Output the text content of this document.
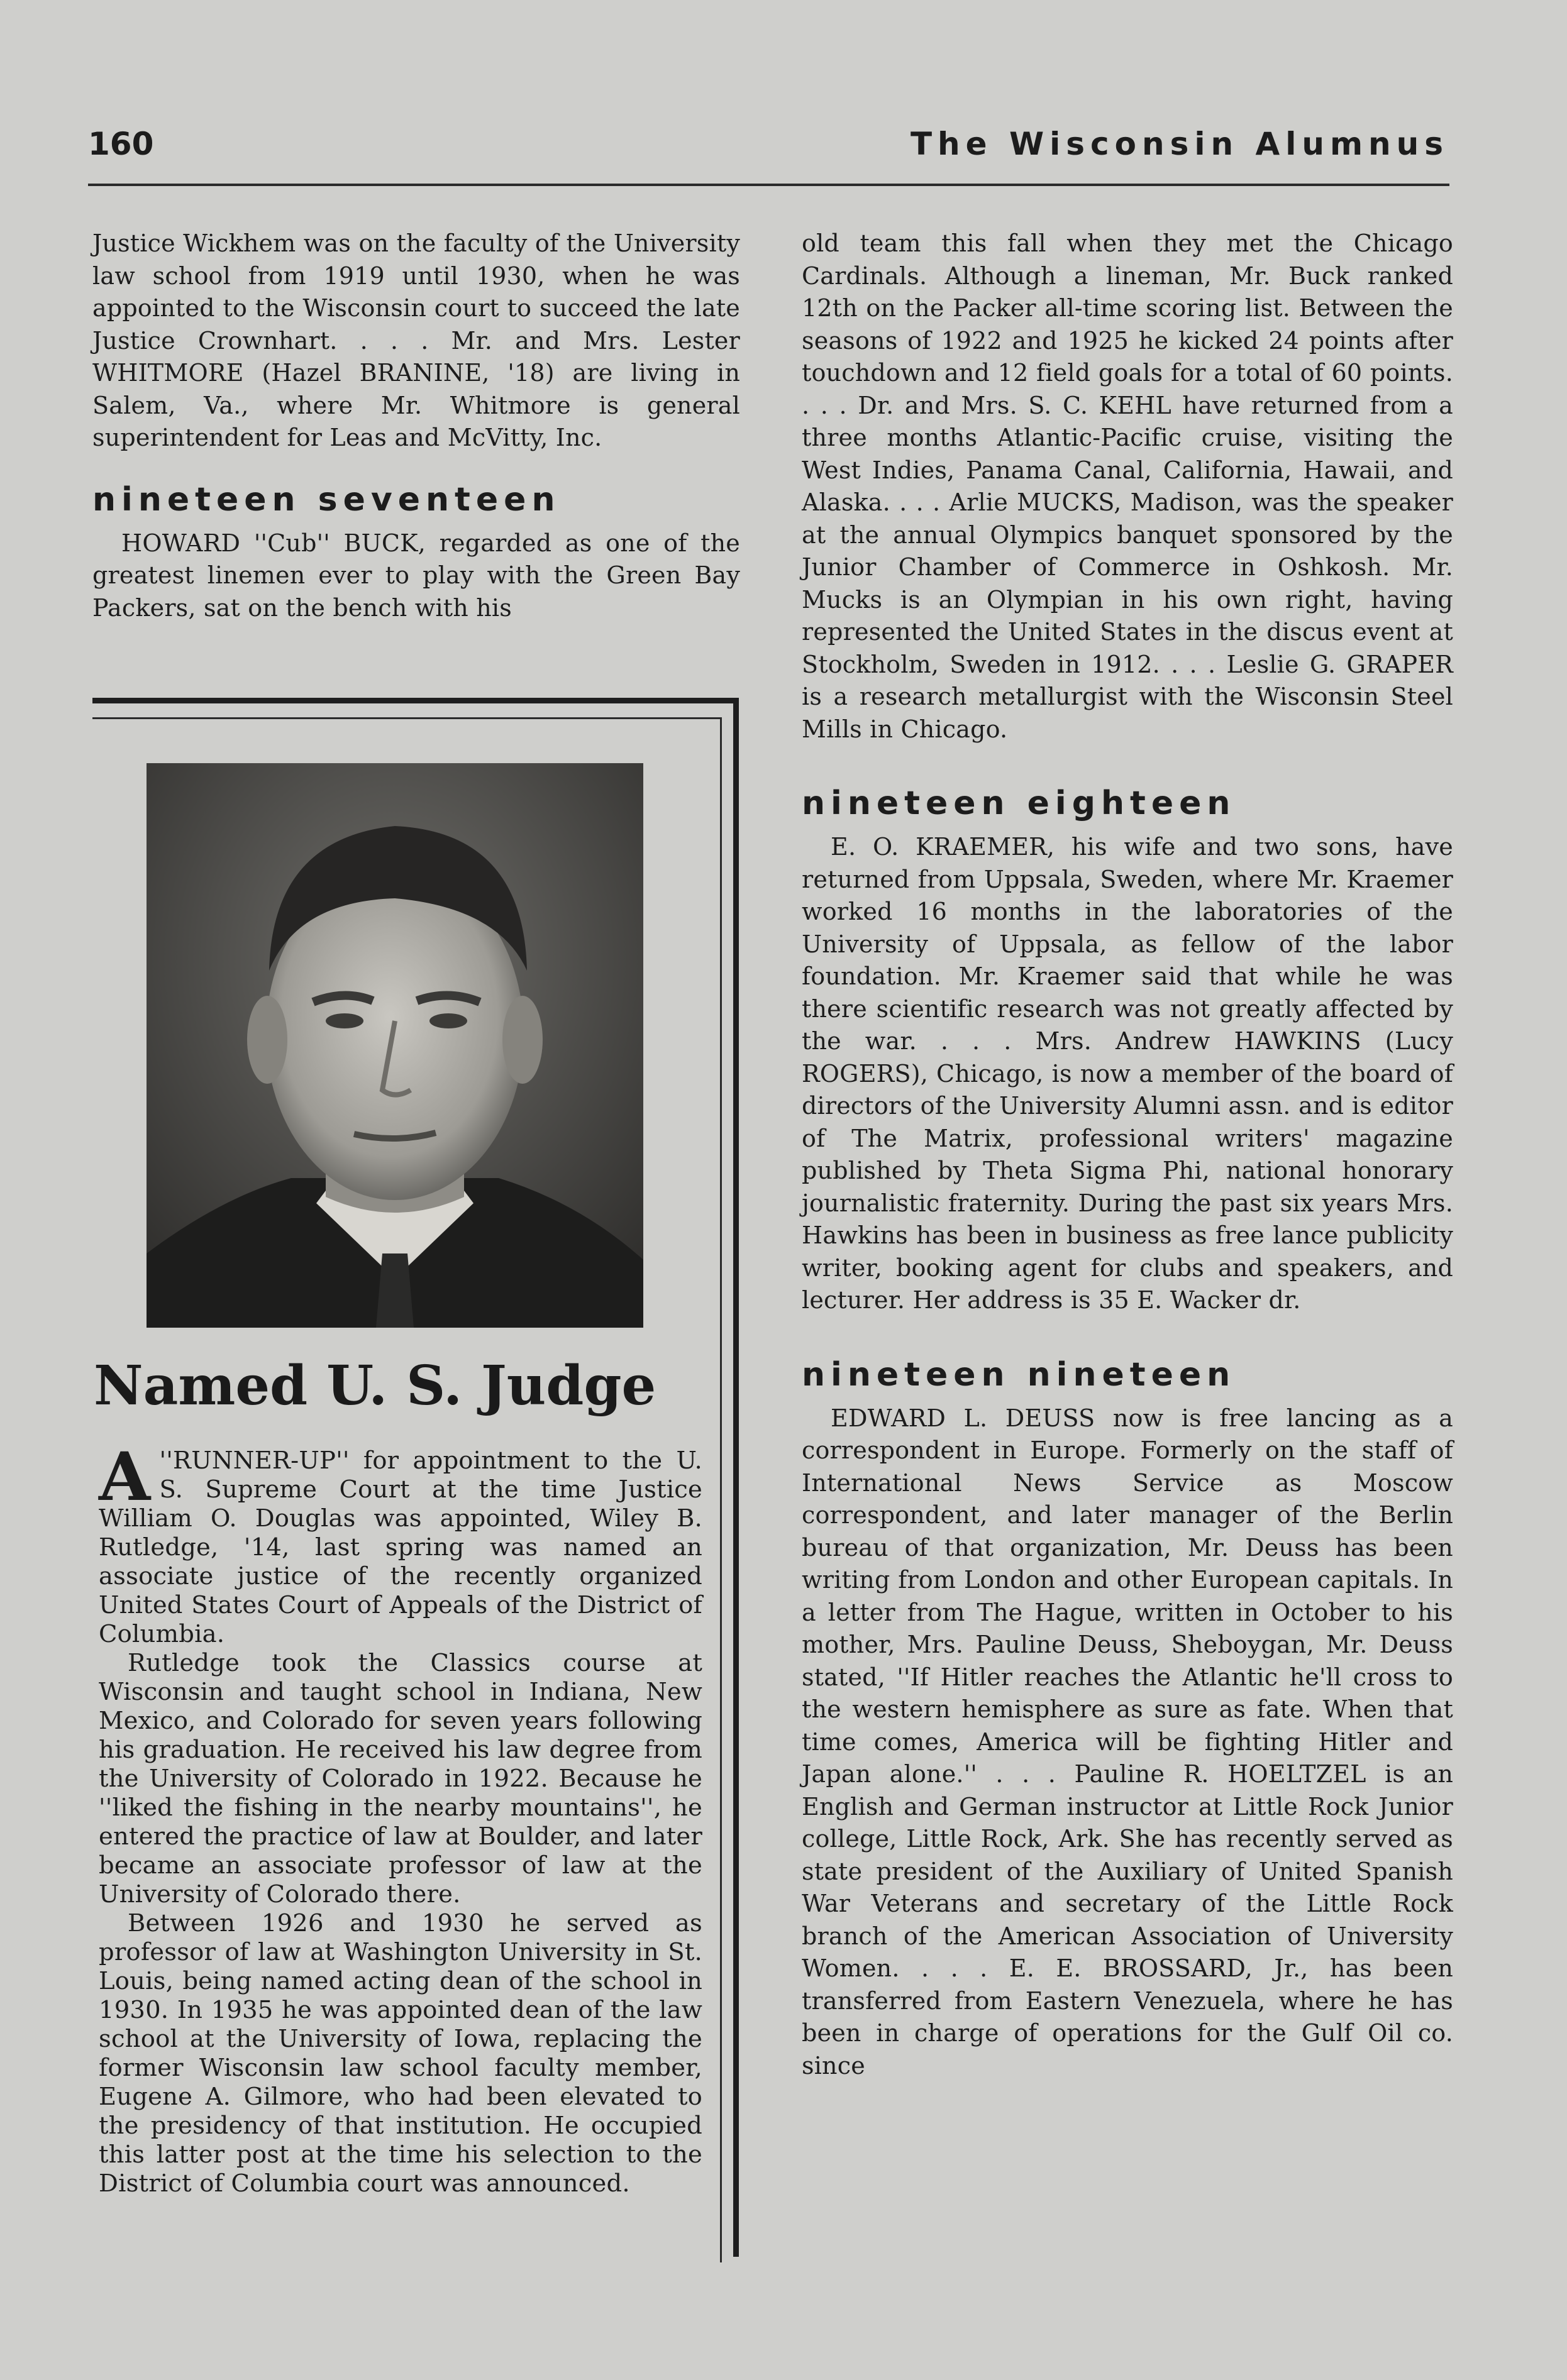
160	The Wisconsin Alumnus

Justice Wickhem was on the faculty of the University law school from 1919 until 1930, when he was appointed to the Wisconsin court to succeed the late Justice Crownhart. . . . Mr. and Mrs. Lester WHITMORE (Hazel BRANINE, '18) are living in Salem, Va., where Mr. Whitmore is general superintendent for Leas and McVitty, Inc.

nineteen seventeen

HOWARD ''Cub'' BUCK, regarded as one of the greatest linemen ever to play with the Green Bay Packers, sat on the bench with his

Named U. S. Judge

A ''RUNNER-UP'' for appointment to the U. S. Supreme Court at the time Justice William O. Douglas was appointed, Wiley B. Rutledge, '14, last spring was named an associate justice of the recently organized United States Court of Appeals of the District of Columbia.

Rutledge took the Classics course at Wisconsin and taught school in Indiana, New Mexico, and Colorado for seven years following his graduation. He received his law degree from the University of Colorado in 1922. Because he ''liked the fishing in the nearby mountains'', he entered the practice of law at Boulder, and later became an associate professor of law at the University of Colorado there.

Between 1926 and 1930 he served as professor of law at Washington University in St. Louis, being named acting dean of the school in 1930. In 1935 he was appointed dean of the law school at the University of Iowa, replacing the former Wisconsin law school faculty member, Eugene A. Gilmore, who had been elevated to the presidency of that institution. He occupied this latter post at the time his selection to the District of Columbia court was announced.

old team this fall when they met the Chicago Cardinals. Although a lineman, Mr. Buck ranked 12th on the Packer all-time scoring list. Between the seasons of 1922 and 1925 he kicked 24 points after touchdown and 12 field goals for a total of 60 points. . . . Dr. and Mrs. S. C. KEHL have returned from a three months Atlantic-Pacific cruise, visiting the West Indies, Panama Canal, California, Hawaii, and Alaska. . . . Arlie MUCKS, Madison, was the speaker at the annual Olympics banquet sponsored by the Junior Chamber of Commerce in Oshkosh. Mr. Mucks is an Olympian in his own right, having represented the United States in the discus event at Stockholm, Sweden in 1912. . . . Leslie G. GRAPER is a research metallurgist with the Wisconsin Steel Mills in Chicago.

nineteen eighteen

E. O. KRAEMER, his wife and two sons, have returned from Uppsala, Sweden, where Mr. Kraemer worked 16 months in the laboratories of the University of Uppsala, as fellow of the labor foundation. Mr. Kraemer said that while he was there scientific research was not greatly affected by the war. . . . Mrs. Andrew HAWKINS (Lucy ROGERS), Chicago, is now a member of the board of directors of the University Alumni assn. and is editor of The Matrix, professional writers' magazine published by Theta Sigma Phi, national honorary journalistic fraternity. During the past six years Mrs. Hawkins has been in business as free lance publicity writer, booking agent for clubs and speakers, and lecturer. Her address is 35 E. Wacker dr.

nineteen nineteen

EDWARD L. DEUSS now is free lancing as a correspondent in Europe. Formerly on the staff of International News Service as Moscow correspondent, and later manager of the Berlin bureau of that organization, Mr. Deuss has been writing from London and other European capitals. In a letter from The Hague, written in October to his mother, Mrs. Pauline Deuss, Sheboygan, Mr. Deuss stated, ''If Hitler reaches the Atlantic he'll cross to the western hemisphere as sure as fate. When that time comes, America will be fighting Hitler and Japan alone.'' . . . Pauline R. HOELTZEL is an English and German instructor at Little Rock Junior college, Little Rock, Ark. She has recently served as state president of the Auxiliary of United Spanish War Veterans and secretary of the Little Rock branch of the American Association of University Women. . . . E. E. BROSSARD, Jr., has been transferred from Eastern Venezuela, where he has been in charge of operations for the Gulf Oil co. since
